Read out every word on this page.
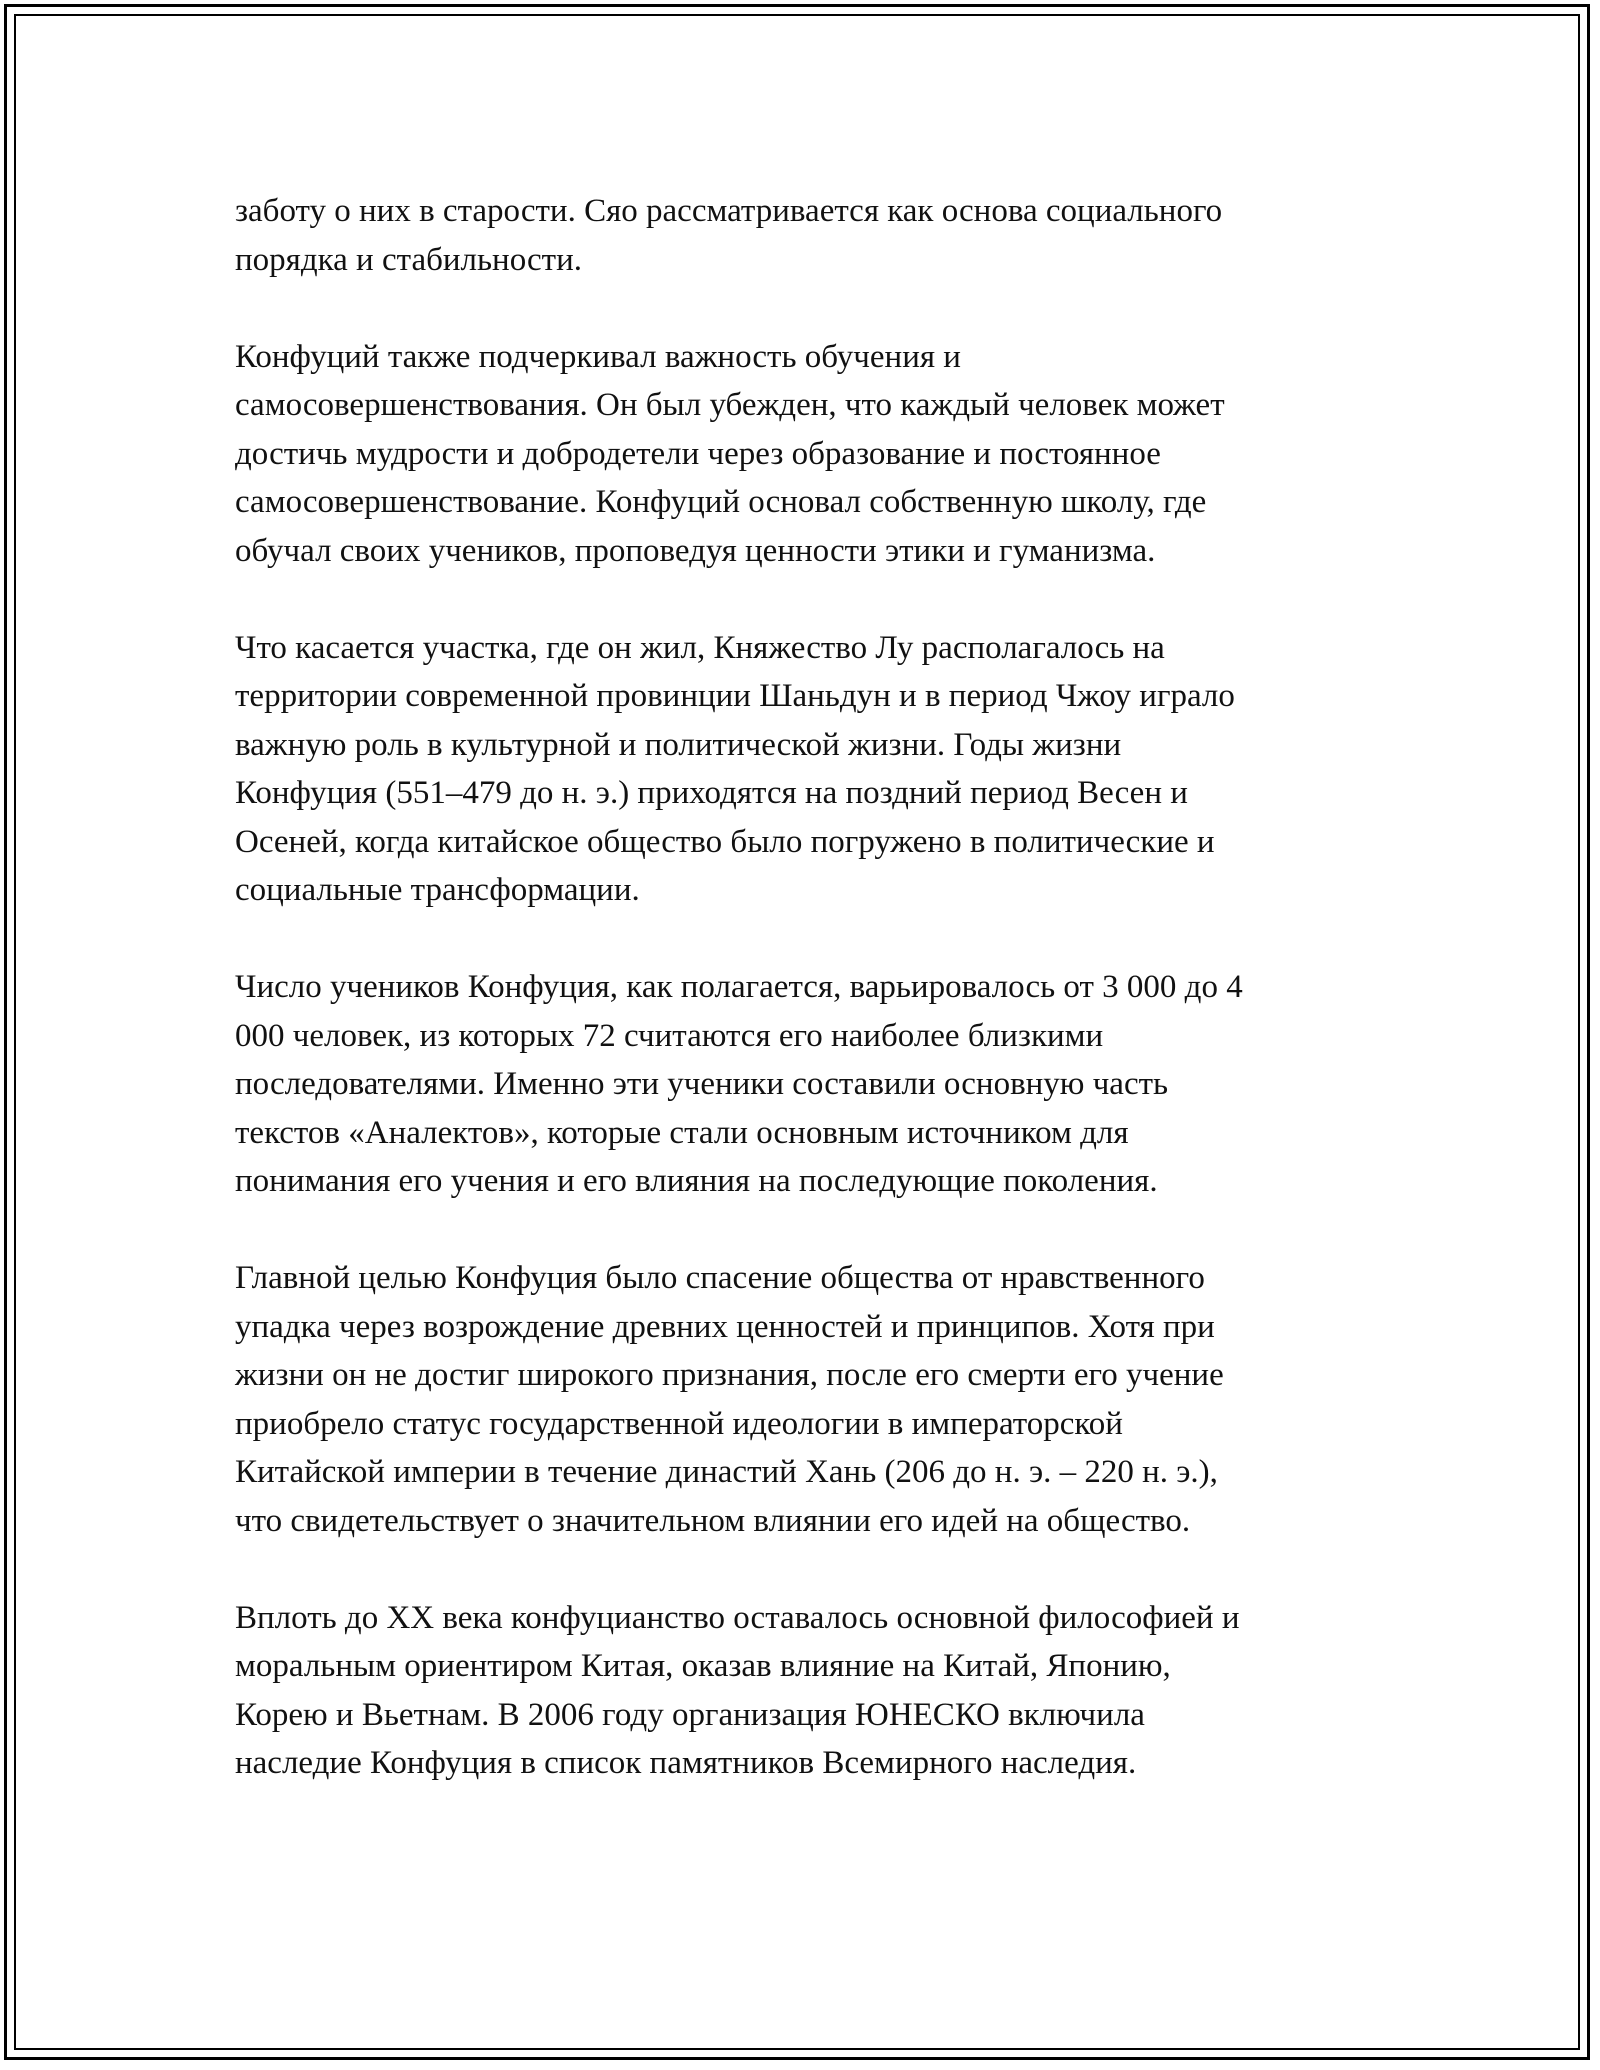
заботу о них в старости. Сяо рассматривается как основа социального
порядка и стабильности.

Конфуций также подчеркивал важность обучения и
самосовершенствования. Он был убежден, что каждый человек может
достичь мудрости и добродетели через образование и постоянное
самосовершенствование. Конфуций основал собственную школу, где
обучал своих учеников, проповедуя ценности этики и гуманизма.

Что касается участка, где он жил, Княжество Лу располагалось на
территории современной провинции Шаньдун и в период Чжоу играло
важную роль в культурной и политической жизни. Годы жизни
Конфуция (551–479 до н. э.) приходятся на поздний период Весен и
Осеней, когда китайское общество было погружено в политические и
социальные трансформации.

Число учеников Конфуция, как полагается, варьировалось от 3 000 до 4
000 человек, из которых 72 считаются его наиболее близкими
последователями. Именно эти ученики составили основную часть
текстов «Аналектов», которые стали основным источником для
понимания его учения и его влияния на последующие поколения.

Главной целью Конфуция было спасение общества от нравственного
упадка через возрождение древних ценностей и принципов. Хотя при
жизни он не достиг широкого признания, после его смерти его учение
приобрело статус государственной идеологии в императорской
Китайской империи в течение династий Хань (206 до н. э. – 220 н. э.),
что свидетельствует о значительном влиянии его идей на общество.

Вплоть до XX века конфуцианство оставалось основной философией и
моральным ориентиром Китая, оказав влияние на Китай, Японию,
Корею и Вьетнам. В 2006 году организация ЮНЕСКО включила
наследие Конфуция в список памятников Всемирного наследия.
